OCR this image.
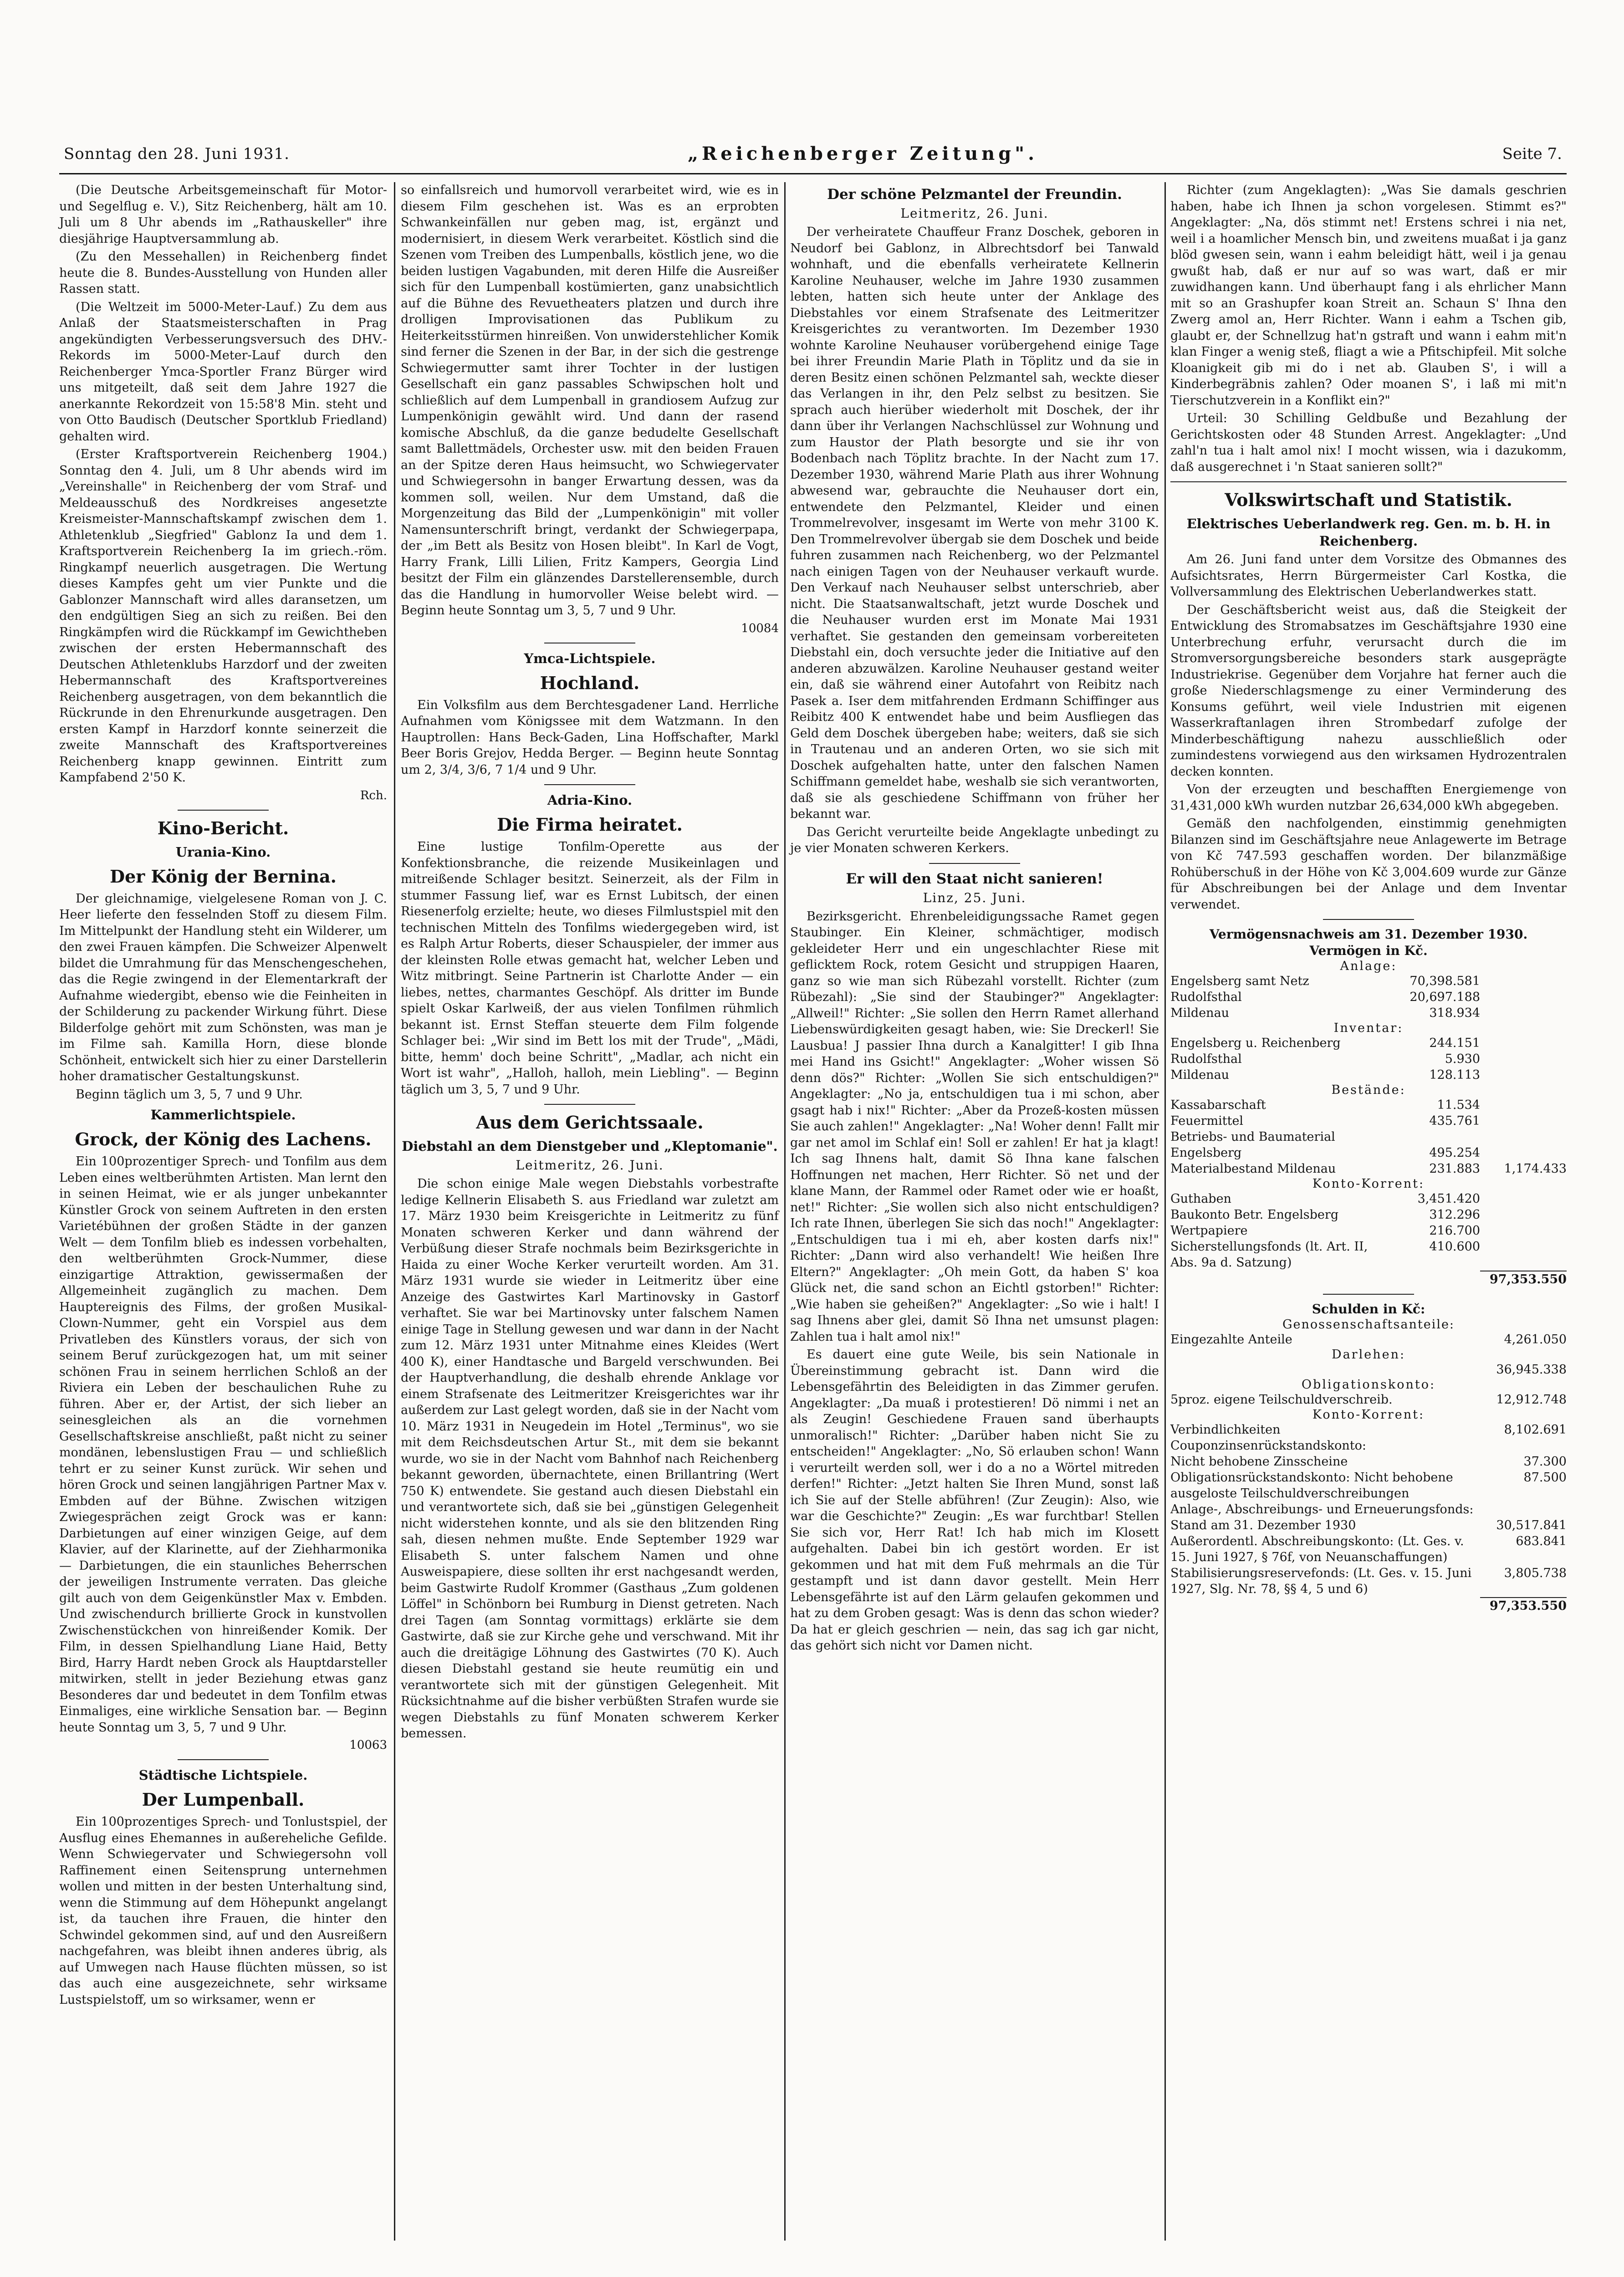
Sonntag den 28. Juni 1931.	„Reichenberger Zeitung".	Seite 7.

(Die Deutsche Arbeitsgemeinschaft für Motor- und Segelflug e. V.), Sitz Reichenberg, hält am 10. Juli um 8 Uhr abends im „Rathauskeller" ihre diesjährige Hauptversammlung ab.

(Zu den Messehallen) in Reichenberg findet heute die 8. Bundes-Ausstellung von Hunden aller Rassen statt.

(Die Weltzeit im 5000-Meter-Lauf.) Zu dem aus Anlaß der Staatsmeisterschaften in Prag angekündigten Verbesserungsversuch des DHV.-Rekords im 5000-Meter-Lauf durch den Reichenberger Ymca-Sportler Franz Bürger wird uns mitgeteilt, daß seit dem Jahre 1927 die anerkannte Rekordzeit von 15:58'8 Min. steht und von Otto Baudisch (Deutscher Sportklub Friedland) gehalten wird.

(Erster Kraftsportverein Reichenberg 1904.) Sonntag den 4. Juli, um 8 Uhr abends wird im „Vereinshalle" in Reichenberg der vom Straf- und Meldeausschuß des Nordkreises angesetzte Kreismeister-Mannschaftskampf zwischen dem 1. Athletenklub „Siegfried" Gablonz Ia und dem 1. Kraftsportverein Reichenberg Ia im griech.-röm. Ringkampf neuerlich ausgetragen. Die Wertung dieses Kampfes geht um vier Punkte und die Gablonzer Mannschaft wird alles daransetzen, um den endgültigen Sieg an sich zu reißen. Bei den Ringkämpfen wird die Rückkampf im Gewichtheben zwischen der ersten Hebermannschaft des Deutschen Athletenklubs Harzdorf und der zweiten Hebermannschaft des Kraftsportvereines Reichenberg ausgetragen, von dem bekanntlich die Rückrunde in den Ehrenurkunde ausgetragen. Den ersten Kampf in Harzdorf konnte seinerzeit die zweite Mannschaft des Kraftsportvereines Reichenberg knapp gewinnen. Eintritt zum Kampfabend 2'50 K.

Rch.

Kino-Bericht.
Urania-Kino.
Der König der Bernina.

Der gleichnamige, vielgelesene Roman von J. C. Heer lieferte den fesselnden Stoff zu diesem Film. Im Mittelpunkt der Handlung steht ein Wilderer, um den zwei Frauen kämpfen. Die Schweizer Alpenwelt bildet die Umrahmung für das Menschengeschehen, das die Regie zwingend in der Elementarkraft der Aufnahme wiedergibt, ebenso wie die Feinheiten in der Schilderung zu packender Wirkung führt. Diese Bilderfolge gehört mit zum Schönsten, was man je im Filme sah. Kamilla Horn, diese blonde Schönheit, entwickelt sich hier zu einer Darstellerin hoher dramatischer Gestaltungskunst.

Beginn täglich um 3, 5, 7 und 9 Uhr.

Kammerlichtspiele.
Grock, der König des Lachens.

Ein 100prozentiger Sprech- und Tonfilm aus dem Leben eines weltberühmten Artisten. Man lernt den in seinen Heimat, wie er als junger unbekannter Künstler Grock von seinem Auftreten in den ersten Varietébühnen der großen Städte in der ganzen Welt — dem Tonfilm blieb es indessen vorbehalten, den weltberühmten Grock-Nummer, diese einzigartige Attraktion, gewissermaßen der Allgemeinheit zugänglich zu machen. Dem Hauptereignis des Films, der großen Musikal-Clown-Nummer, geht ein Vorspiel aus dem Privatleben des Künstlers voraus, der sich von seinem Beruf zurückgezogen hat, um mit seiner schönen Frau in seinem herrlichen Schloß an der Riviera ein Leben der beschaulichen Ruhe zu führen. Aber er, der Artist, der sich lieber an seinesgleichen als an die vornehmen Gesellschaftskreise anschließt, paßt nicht zu seiner mondänen, lebenslustigen Frau — und schließlich tehrt er zu seiner Kunst zurück. Wir sehen und hören Grock und seinen langjährigen Partner Max v. Embden auf der Bühne. Zwischen witzigen Zwiegesprächen zeigt Grock was er kann: Darbietungen auf einer winzigen Geige, auf dem Klavier, auf der Klarinette, auf der Ziehharmonika — Darbietungen, die ein staunliches Beherrschen der jeweiligen Instrumente verraten. Das gleiche gilt auch von dem Geigenkünstler Max v. Embden. Und zwischendurch brillierte Grock in kunstvollen Zwischenstückchen von hinreißender Komik. Der Film, in dessen Spielhandlung Liane Haid, Betty Bird, Harry Hardt neben Grock als Hauptdarsteller mitwirken, stellt in jeder Beziehung etwas ganz Besonderes dar und bedeutet in dem Tonfilm etwas Einmaliges, eine wirkliche Sensation bar. — Beginn heute Sonntag um 3, 5, 7 und 9 Uhr.

10063

Städtische Lichtspiele.
Der Lumpenball.

Ein 100prozentiges Sprech- und Tonlustspiel, der Ausflug eines Ehemannes in außereheliche Gefilde. Wenn Schwiegervater und Schwiegersohn voll Raffinement einen Seitensprung unternehmen wollen und mitten in der besten Unterhaltung sind, wenn die Stimmung auf dem Höhepunkt angelangt ist, da tauchen ihre Frauen, die hinter den Schwindel gekommen sind, auf und den Ausreißern nachgefahren, was bleibt ihnen anderes übrig, als auf Umwegen nach Hause flüchten müssen, so ist das auch eine ausgezeichnete, sehr wirksame Lustspielstoff, um so wirksamer, wenn er

so einfallsreich und humorvoll verarbeitet wird, wie es in diesem Film geschehen ist. Was es an erprobten Schwankeinfällen nur geben mag, ist, ergänzt und modernisiert, in diesem Werk verarbeitet. Köstlich sind die Szenen vom Treiben des Lumpenballs, köstlich jene, wo die beiden lustigen Vagabunden, mit deren Hilfe die Ausreißer sich für den Lumpenball kostümierten, ganz unabsichtlich auf die Bühne des Revuetheaters platzen und durch ihre drolligen Improvisationen das Publikum zu Heiterkeitsstürmen hinreißen. Von unwiderstehlicher Komik sind ferner die Szenen in der Bar, in der sich die gestrenge Schwiegermutter samt ihrer Tochter in der lustigen Gesellschaft ein ganz passables Schwipschen holt und schließlich auf dem Lumpenball in grandiosem Aufzug zur Lumpenkönigin gewählt wird. Und dann der rasend komische Abschluß, da die ganze bedudelte Gesellschaft samt Ballettmädels, Orchester usw. mit den beiden Frauen an der Spitze deren Haus heimsucht, wo Schwiegervater und Schwiegersohn in banger Erwartung dessen, was da kommen soll, weilen. Nur dem Umstand, daß die Morgenzeitung das Bild der „Lumpenkönigin" mit voller Namensunterschrift bringt, verdankt der Schwiegerpapa, der „im Bett als Besitz von Hosen bleibt". In Karl de Vogt, Harry Frank, Lilli Lilien, Fritz Kampers, Georgia Lind besitzt der Film ein glänzendes Darstellerensemble, durch das die Handlung in humorvoller Weise belebt wird. — Beginn heute Sonntag um 3, 5, 7 und 9 Uhr.

10084

Ymca-Lichtspiele.
Hochland.

Ein Volksfilm aus dem Berchtesgadener Land. Herrliche Aufnahmen vom Königssee mit dem Watzmann. In den Hauptrollen: Hans Beck-Gaden, Lina Hoffschafter, Markl Beer Boris Grejov, Hedda Berger. — Beginn heute Sonntag um 2, 3/4, 3/6, 7 1/4 und 9 Uhr.

Adria-Kino.
Die Firma heiratet.

Eine lustige Tonfilm-Operette aus der Konfektionsbranche, die reizende Musikeinlagen und mitreißende Schlager besitzt. Seinerzeit, als der Film in stummer Fassung lief, war es Ernst Lubitsch, der einen Riesenerfolg erzielte; heute, wo dieses Filmlustspiel mit den technischen Mitteln des Tonfilms wiedergegeben wird, ist es Ralph Artur Roberts, dieser Schauspieler, der immer aus der kleinsten Rolle etwas gemacht hat, welcher Leben und Witz mitbringt. Seine Partnerin ist Charlotte Ander — ein liebes, nettes, charmantes Geschöpf. Als dritter im Bunde spielt Oskar Karlweiß, der aus vielen Tonfilmen rühmlich bekannt ist. Ernst Steffan steuerte dem Film folgende Schlager bei: „Wir sind im Bett los mit der Trude", „Mädi, bitte, hemm' doch beine Schritt", „Madlar, ach nicht ein Wort ist wahr", „Halloh, halloh, mein Liebling". — Beginn täglich um 3, 5, 7 und 9 Uhr.

Aus dem Gerichtssaale.
Diebstahl an dem Dienstgeber und „Kleptomanie".
Leitmeritz, 26. Juni.

Die schon einige Male wegen Diebstahls vorbestrafte ledige Kellnerin Elisabeth S. aus Friedland war zuletzt am 17. März 1930 beim Kreisgerichte in Leitmeritz zu fünf Monaten schweren Kerker und dann während der Verbüßung dieser Strafe nochmals beim Bezirksgerichte in Haida zu einer Woche Kerker verurteilt worden. Am 31. März 1931 wurde sie wieder in Leitmeritz über eine Anzeige des Gastwirtes Karl Martinovsky in Gastorf verhaftet. Sie war bei Martinovsky unter falschem Namen einige Tage in Stellung gewesen und war dann in der Nacht zum 12. März 1931 unter Mitnahme eines Kleides (Wert 400 K), einer Handtasche und Bargeld verschwunden. Bei der Hauptverhandlung, die deshalb ehrende Anklage vor einem Strafsenate des Leitmeritzer Kreisgerichtes war ihr außerdem zur Last gelegt worden, daß sie in der Nacht vom 10. März 1931 in Neugedein im Hotel „Terminus", wo sie mit dem Reichsdeutschen Artur St., mit dem sie bekannt wurde, wo sie in der Nacht vom Bahnhof nach Reichenberg bekannt geworden, übernachtete, einen Brillantring (Wert 750 K) entwendete. Sie gestand auch diesen Diebstahl ein und verantwortete sich, daß sie bei „günstigen Gelegenheit nicht widerstehen konnte, und als sie den blitzenden Ring sah, diesen nehmen mußte. Ende September 1929 war Elisabeth S. unter falschem Namen und ohne Ausweispapiere, diese sollten ihr erst nachgesandt werden, beim Gastwirte Rudolf Krommer (Gasthaus „Zum goldenen Löffel" in Schönborn bei Rumburg in Dienst getreten. Nach drei Tagen (am Sonntag vormittags) erklärte sie dem Gastwirte, daß sie zur Kirche gehe und verschwand. Mit ihr auch die dreitägige Löhnung des Gastwirtes (70 K). Auch diesen Diebstahl gestand sie heute reumütig ein und verantwortete sich mit der günstigen Gelegenheit. Mit Rücksichtnahme auf die bisher verbüßten Strafen wurde sie wegen Diebstahls zu fünf Monaten schwerem Kerker bemessen.

Der schöne Pelzmantel der Freundin.
Leitmeritz, 26. Juni.

Der verheiratete Chauffeur Franz Doschek, geboren in Neudorf bei Gablonz, in Albrechtsdorf bei Tanwald wohnhaft, und die ebenfalls verheiratete Kellnerin Karoline Neuhauser, welche im Jahre 1930 zusammen lebten, hatten sich heute unter der Anklage des Diebstahles vor einem Strafsenate des Leitmeritzer Kreisgerichtes zu verantworten. Im Dezember 1930 wohnte Karoline Neuhauser vorübergehend einige Tage bei ihrer Freundin Marie Plath in Töplitz und da sie in deren Besitz einen schönen Pelzmantel sah, weckte dieser das Verlangen in ihr, den Pelz selbst zu besitzen. Sie sprach auch hierüber wiederholt mit Doschek, der ihr dann über ihr Verlangen Nachschlüssel zur Wohnung und zum Haustor der Plath besorgte und sie ihr von Bodenbach nach Töplitz brachte. In der Nacht zum 17. Dezember 1930, während Marie Plath aus ihrer Wohnung abwesend war, gebrauchte die Neuhauser dort ein, entwendete den Pelzmantel, Kleider und einen Trommelrevolver, insgesamt im Werte von mehr 3100 K. Den Trommelrevolver übergab sie dem Doschek und beide fuhren zusammen nach Reichenberg, wo der Pelzmantel nach einigen Tagen von der Neuhauser verkauft wurde. Den Verkauf nach Neuhauser selbst unterschrieb, aber nicht. Die Staatsanwaltschaft, jetzt wurde Doschek und die Neuhauser wurden erst im Monate Mai 1931 verhaftet. Sie gestanden den gemeinsam vorbereiteten Diebstahl ein, doch versuchte jeder die Initiative auf den anderen abzuwälzen. Karoline Neuhauser gestand weiter ein, daß sie während einer Autofahrt von Reibitz nach Pasek a. Iser dem mitfahrenden Erdmann Schiffinger aus Reibitz 400 K entwendet habe und beim Ausfliegen das Geld dem Doschek übergeben habe; weiters, daß sie sich in Trautenau und an anderen Orten, wo sie sich mit Doschek aufgehalten hatte, unter den falschen Namen Schiffmann gemeldet habe, weshalb sie sich verantworten, daß sie als geschiedene Schiffmann von früher her bekannt war.

Das Gericht verurteilte beide Angeklagte unbedingt zu je vier Monaten schweren Kerkers.

Er will den Staat nicht sanieren!
Linz, 25. Juni.

Bezirksgericht. Ehrenbeleidigungssache Ramet gegen Staubinger. Ein Kleiner, schmächtiger, modisch gekleideter Herr und ein ungeschlachter Riese mit geflicktem Rock, rotem Gesicht und struppigen Haaren, ganz so wie man sich Rübezahl vorstellt. Richter (zum Rübezahl): „Sie sind der Staubinger?" Angeklagter: „Allweil!" Richter: „Sie sollen den Herrn Ramet allerhand Liebenswürdigkeiten gesagt haben, wie: Sie Dreckerl! Sie Lausbua! J passier Ihna durch a Kanalgitter! I gib Ihna mei Hand ins Gsicht!" Angeklagter: „Woher wissen Sö denn dös?" Richter: „Wollen Sie sich entschuldigen?" Angeklagter: „No ja, entschuldigen tua i mi schon, aber gsagt hab i nix!" Richter: „Aber da Prozeß-kosten müssen Sie auch zahlen!" Angeklagter: „Na! Woher denn! Fallt mir gar net amol im Schlaf ein! Soll er zahlen! Er hat ja klagt! Ich sag Ihnens halt, damit Sö Ihna kane falschen Hoffnungen net machen, Herr Richter. Sö net und der klane Mann, der Rammel oder Ramet oder wie er hoaßt, net!" Richter: „Sie wollen sich also nicht entschuldigen? Ich rate Ihnen, überlegen Sie sich das noch!" Angeklagter: „Entschuldigen tua i mi eh, aber kosten darfs nix!" Richter: „Dann wird also verhandelt! Wie heißen Ihre Eltern?" Angeklagter: „Oh mein Gott, da haben S' koa Glück net, die sand schon an Eichtl gstorben!" Richter: „Wie haben sie geheißen?" Angeklagter: „So wie i halt! I sag Ihnens aber glei, damit Sö Ihna net umsunst plagen: Zahlen tua i halt amol nix!"

Es dauert eine gute Weile, bis sein Nationale in Übereinstimmung gebracht ist. Dann wird die Lebensgefährtin des Beleidigten in das Zimmer gerufen. Angeklagter: „Da muaß i protestieren! Dö nimmi i net an als Zeugin! Geschiedene Frauen sand überhaupts unmoralisch!" Richter: „Darüber haben nicht Sie zu entscheiden!" Angeklagter: „No, Sö erlauben schon! Wann i verurteilt werden soll, wer i do a no a Wörtel mitreden derfen!" Richter: „Jetzt halten Sie Ihren Mund, sonst laß ich Sie auf der Stelle abführen! (Zur Zeugin): Also, wie war die Geschichte?" Zeugin: „Es war furchtbar! Stellen Sie sich vor, Herr Rat! Ich hab mich im Klosett aufgehalten. Dabei bin ich gestört worden. Er ist gekommen und hat mit dem Fuß mehrmals an die Tür gestampft und ist dann davor gestellt. Mein Herr Lebensgefährte ist auf den Lärm gelaufen gekommen und hat zu dem Groben gesagt: Was is denn das schon wieder? Da hat er gleich geschrien — nein, das sag ich gar nicht, das gehört sich nicht vor Damen nicht.

Richter (zum Angeklagten): „Was Sie damals geschrien haben, habe ich Ihnen ja schon vorgelesen. Stimmt es?" Angeklagter: „Na, dös stimmt net! Erstens schrei i nia net, weil i a hoamlicher Mensch bin, und zweitens muaßat i ja ganz blöd gwesen sein, wann i eahm beleidigt hätt, weil i ja genau gwußt hab, daß er nur auf so was wart, daß er mir zuwidhangen kann. Und überhaupt fang i als ehrlicher Mann mit so an Grashupfer koan Streit an. Schaun S' Ihna den Zwerg amol an, Herr Richter. Wann i eahm a Tschen gib, glaubt er, der Schnellzug hat'n gstraft und wann i eahm mit'n klan Finger a wenig steß, fliagt a wie a Pfitschipfeil. Mit solche Kloanigkeit gib mi do i net ab. Glauben S', i will a Kinderbegräbnis zahlen? Oder moanen S', i laß mi mit'n Tierschutzverein in a Konflikt ein?"

Urteil: 30 Schilling Geldbuße und Bezahlung der Gerichtskosten oder 48 Stunden Arrest. Angeklagter: „Und zahl'n tua i halt amol nix! I mocht wissen, wia i dazukomm, daß ausgerechnet i 'n Staat sanieren sollt?"

Volkswirtschaft und Statistik.
Elektrisches Ueberlandwerk reg. Gen. m. b. H. in Reichenberg.

Am 26. Juni fand unter dem Vorsitze des Obmannes des Aufsichtsrates, Herrn Bürgermeister Carl Kostka, die Vollversammlung des Elektrischen Ueberlandwerkes statt.

Der Geschäftsbericht weist aus, daß die Steigkeit der Entwicklung des Stromabsatzes im Geschäftsjahre 1930 eine Unterbrechung erfuhr, verursacht durch die im Stromversorgungsbereiche besonders stark ausgeprägte Industriekrise. Gegenüber dem Vorjahre hat ferner auch die große Niederschlagsmenge zu einer Verminderung des Konsums geführt, weil viele Industrien mit eigenen Wasserkraftanlagen ihren Strombedarf zufolge der Minderbeschäftigung nahezu ausschließlich oder zumindestens vorwiegend aus den wirksamen Hydrozentralen decken konnten.

Von der erzeugten und beschafften Energiemenge von 31,431,000 kWh wurden nutzbar 26,634,000 kWh abgegeben.

Gemäß den nachfolgenden, einstimmig genehmigten Bilanzen sind im Geschäftsjahre neue Anlagewerte im Betrage von Kč 747.593 geschaffen worden. Der bilanzmäßige Rohüberschuß in der Höhe von Kč 3,004.609 wurde zur Gänze für Abschreibungen bei der Anlage und dem Inventar verwendet.

Vermögensnachweis am 31. Dezember 1930.
Vermögen in Kč.
Anlage:
Engelsberg samt Netz	70,398.581	
Rudolfsthal	20,697.188	
Mildenau	318.934	
Inventar:
Engelsberg u. Reichenberg	244.151	
Rudolfsthal	5.930	
Mildenau	128.113	
Bestände:
Kassabarschaft	11.534	
Feuermittel	435.761	
Betriebs- und Baumaterial		
Engelsberg	495.254	
Materialbestand Mildenau	231.883	1,174.433
Konto-Korrent:
Guthaben	3,451.420	
Baukonto Betr. Engelsberg	312.296	
Wertpapiere	216.700	
Sicherstellungsfonds (lt. Art. II, Abs. 9a d. Satzung)	410.600	
		97,353.550
Schulden in Kč:
Genossenschaftsanteile:
Eingezahlte Anteile	4,261.050
Darlehen:
	36,945.338
Obligationskonto:
5proz. eigene Teilschuldverschreib.	12,912.748
Konto-Korrent:
Verbindlichkeiten	8,102.691
Couponzinsenrückstandskonto:	
Nicht behobene Zinsscheine	37.300
Obligationsrückstandskonto: Nicht behobene ausgeloste Teilschuldverschreibungen	87.500
Anlage-, Abschreibungs- und Erneuerungsfonds:	
Stand am 31. Dezember 1930	30,517.841
Außerordentl. Abschreibungskonto: (Lt. Ges. v. 15. Juni 1927, § 76f, von Neuanschaffungen)	683.841
Stabilisierungsreservefonds: (Lt. Ges. v. 15. Juni 1927, Slg. Nr. 78, §§ 4, 5 und 6)	3,805.738
	97,353.550
